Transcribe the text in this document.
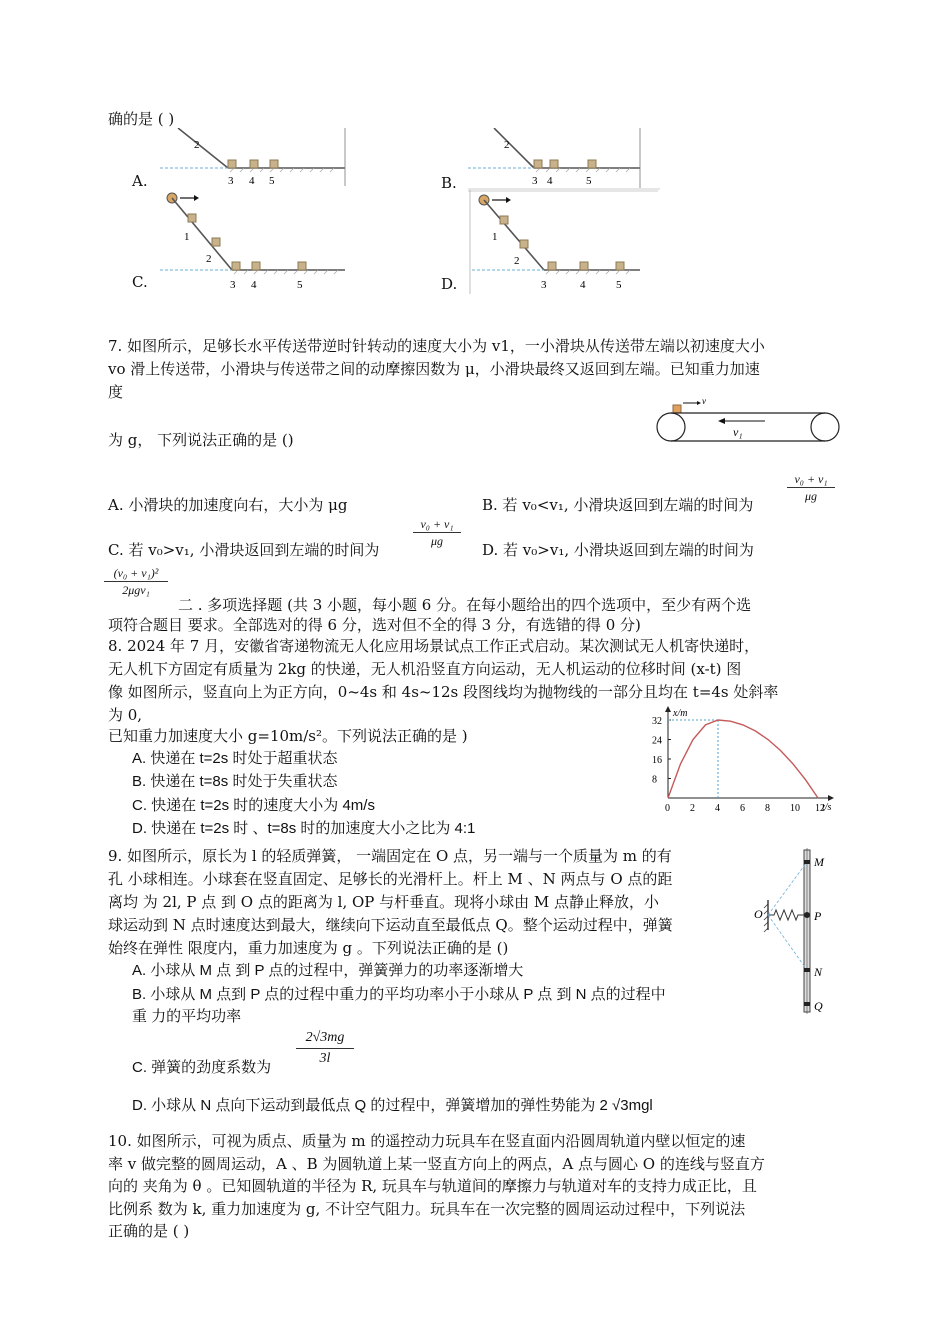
确的是 ( )
A.
2
3 4 5	B.
2
3 4	5
C.
1
2
3 4	5	D.
1
2
3	4	5
7. 如图所示，足够长水平传送带逆时针转动的速度大小为 v1，一小滑块从传送带左端以初速度大小
vo 滑上传送带，小滑块与传送带之间的动摩擦因数为 μ，小滑块最终又返回到左端。已知重力加速
度
为 g， 下列说法正确的是 ()
v
v₁
A. 小滑块的加速度向右，大小为 μg	B. 若 v₀<v₁, 小滑块返回到左端的时间为
v₀ + v₁
μg
C. 若 v₀>v₁, 小滑块返回到左端的时间为
v₀ + v₁
μg	D. 若 v₀>v₁, 小滑块返回到左端的时间为
(v₀ + v₁)²
2μgv₁
二 . 多项选择题 (共 3 小题，每小题 6 分。在每小题给出的四个选项中，至少有两个选
项符合题目 要求。全部选对的得 6 分，选对但不全的得 3 分，有选错的得 0 分)
8. 2024 年 7 月，安徽省寄递物流无人化应用场景试点工作正式启动。某次测试无人机寄快递时，
无人机下方固定有质量为 2kg 的快递，无人机沿竖直方向运动，无人机运动的位移时间 (x-t) 图
像 如图所示，竖直向上为正方向，0~4s 和 4s~12s 段图线均为抛物线的一部分且均在 t=4s 处斜率
为 0,
已知重力加速度大小 g=10m/s²。下列说法正确的是 )
A. 快递在 t=2s 时处于超重状态
B. 快递在 t=8s 时处于失重状态
C. 快递在 t=2s 时的速度大小为 4m/s
D. 快递在 t=2s 时 、t=8s 时的加速度大小之比为 4:1
x/m
t/s
0 2 4 6 8 10 12
8
16
24
32
9. 如图所示，原长为 l 的轻质弹簧， 一端固定在 O 点，另一端与一个质量为 m 的有
孔 小球相连。小球套在竖直固定、足够长的光滑杆上。杆上 M 、N 两点与 O 点的距
离均 为 2l, P 点 到 O 点的距离为 l, OP 与杆垂直。现将小球由 M 点静止释放，小
球运动到 N 点时速度达到最大，继续向下运动直至最低点 Q。整个运动过程中，弹簧
始终在弹性 限度内，重力加速度为 g 。下列说法正确的是 ()
A. 小球从 M 点 到 P 点的过程中，弹簧弹力的功率逐渐增大
B. 小球从 M 点到 P 点的过程中重力的平均功率小于小球从 P 点 到 N 点的过程中
重 力的平均功率
C. 弹簧的劲度系数为
2√3mg
3l
D. 小球从 N 点向下运动到最低点 Q 的过程中，弹簧增加的弹性势能为 2 √3mgl
M
O	P
N
Q
10. 如图所示，可视为质点、质量为 m 的遥控动力玩具车在竖直面内沿圆周轨道内壁以恒定的速
率 v 做完整的圆周运动，A 、B 为圆轨道上某一竖直方向上的两点，A 点与圆心 O 的连线与竖直方
向的 夹角为 θ 。已知圆轨道的半径为 R, 玩具车与轨道间的摩擦力与轨道对车的支持力成正比，且
比例系 数为 k, 重力加速度为 g, 不计空气阻力。玩具车在一次完整的圆周运动过程中，下列说法
正确的是 ( )
